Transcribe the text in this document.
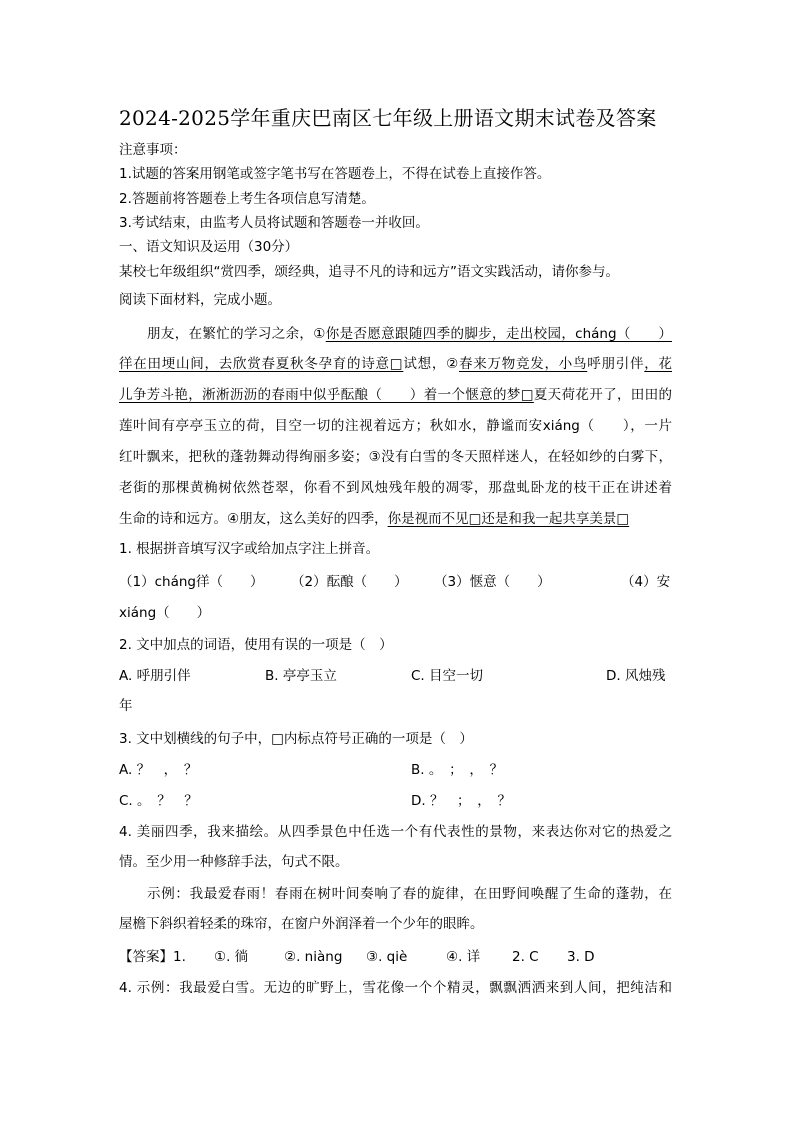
2024-2025学年重庆巴南区七年级上册语文期末试卷及答案
注意事项：
1.试题的答案用钢笔或签字笔书写在答题卷上，不得在试卷上直接作答。
2.答题前将答题卷上考生各项信息写清楚。
3.考试结束，由监考人员将试题和答题卷一并收回。
一、语文知识及运用（30分）
某校七年级组织“赏四季，颂经典，追寻不凡的诗和远方”语文实践活动，请你参与。
阅读下面材料，完成小题。
朋友，在繁忙的学习之余，①你是否愿意跟随四季的脚步，走出校园，cháng（　　）
徉在田埂山间，去欣赏春夏秋冬孕育的诗意□试想，②春来万物竞发，小鸟呼朋引伴，花
儿争芳斗艳，淅淅沥沥的春雨中似乎酝酿（　　）着一个惬意的梦□夏天荷花开了，田田的
莲叶间有亭亭玉立的荷，目空一切的注视着远方；秋如水，静谧而安xiáng（　　），一片
红叶飘来，把秋的蓬勃舞动得绚丽多姿；③没有白雪的冬天照样迷人，在轻如纱的白雾下，
老街的那棵黄桷树依然苍翠，你看不到风烛残年般的凋零，那盘虬卧龙的枝干正在讲述着
生命的诗和远方。④朋友，这么美好的四季，你是视而不见□还是和我一起共享美景□
1. 根据拼音填写汉字或给加点字注上拼音。
（1）cháng徉（　　） （2）酝酿（　　） （3）惬意（　　）	（4）安
xiáng（　　）
2. 文中加点的词语，使用有误的一项是（　）
A. 呼朋引伴	B. 亭亭玉立	C. 目空一切	D. 风烛残
年
3. 文中划横线的句子中，□内标点符号正确的一项是（　）
A. ？　，　？	B. 。　；　，　？
C. 。　？　？	D. ？　；　，　？
4. 美丽四季，我来描绘。从四季景色中任选一个有代表性的景物，来表达你对它的热爱之
情。至少用一种修辞手法，句式不限。
示例：我最爱春雨！春雨在树叶间奏响了春的旋律，在田野间唤醒了生命的蓬勃，在
屋檐下斜织着轻柔的珠帘，在窗户外润泽着一个少年的眼眸。
【答案】1. ①. 徜	②. niàng ③. qiè	④. 详 2. C 3. D
4. 示例：我最爱白雪。无边的旷野上，雪花像一个个精灵，飘飘洒洒来到人间，把纯洁和
